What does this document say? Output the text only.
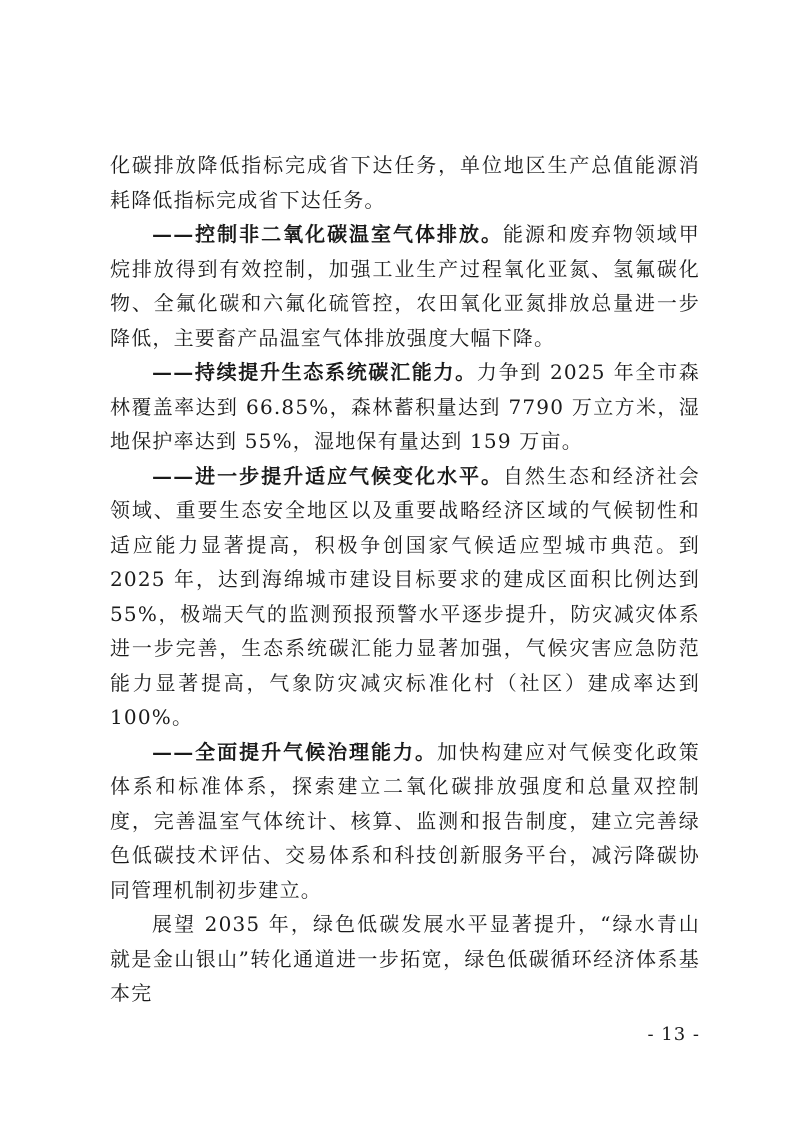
化碳排放降低指标完成省下达任务，单位地区生产总值能源消耗降低指标完成省下达任务。

——控制非二氧化碳温室气体排放。能源和废弃物领域甲烷排放得到有效控制，加强工业生产过程氧化亚氮、氢氟碳化物、全氟化碳和六氟化硫管控，农田氧化亚氮排放总量进一步降低，主要畜产品温室气体排放强度大幅下降。

——持续提升生态系统碳汇能力。力争到 2025 年全市森林覆盖率达到 66.85%，森林蓄积量达到 7790 万立方米，湿地保护率达到 55%，湿地保有量达到 159 万亩。

——进一步提升适应气候变化水平。自然生态和经济社会领域、重要生态安全地区以及重要战略经济区域的气候韧性和适应能力显著提高，积极争创国家气候适应型城市典范。到 2025 年，达到海绵城市建设目标要求的建成区面积比例达到 55%，极端天气的监测预报预警水平逐步提升，防灾减灾体系进一步完善，生态系统碳汇能力显著加强，气候灾害应急防范能力显著提高，气象防灾减灾标准化村（社区）建成率达到 100%。

——全面提升气候治理能力。加快构建应对气候变化政策体系和标准体系，探索建立二氧化碳排放强度和总量双控制度，完善温室气体统计、核算、监测和报告制度，建立完善绿色低碳技术评估、交易体系和科技创新服务平台，减污降碳协同管理机制初步建立。

展望 2035 年，绿色低碳发展水平显著提升，“绿水青山就是金山银山”转化通道进一步拓宽，绿色低碳循环经济体系基本完

- 13 -
